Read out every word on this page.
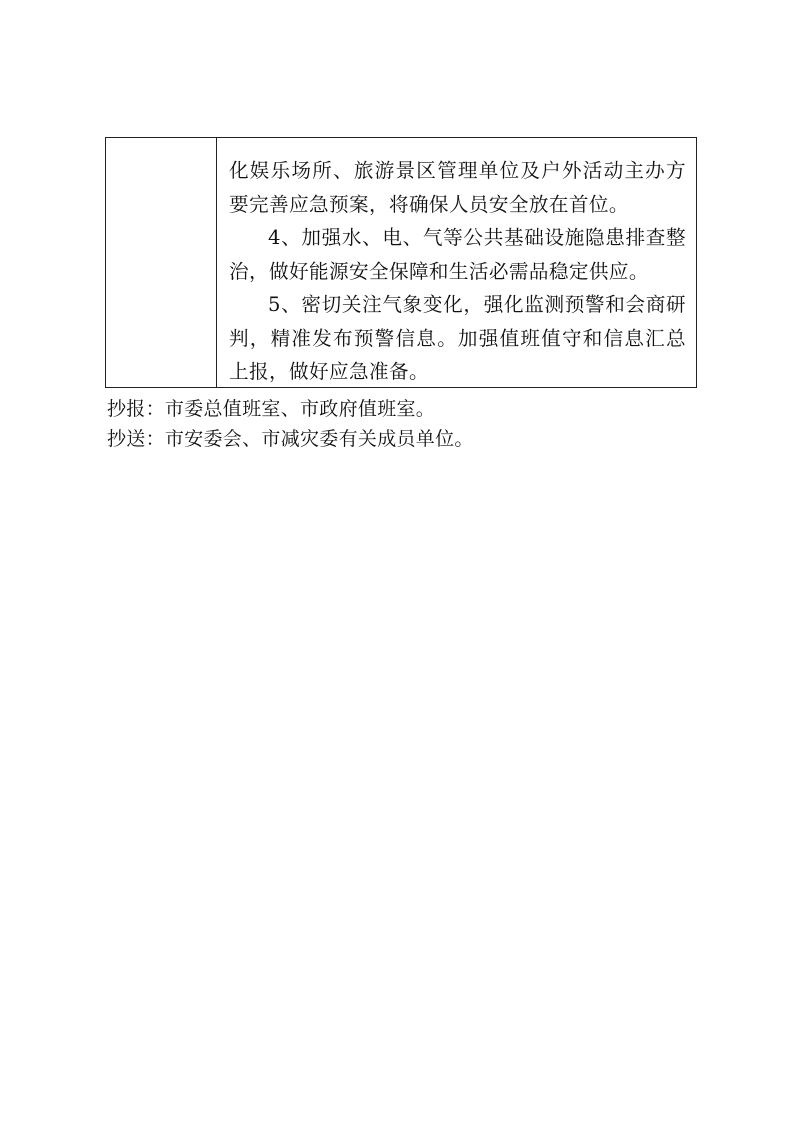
化娱乐场所、旅游景区管理单位及户外活动主办方要完善应急预案，将确保人员安全放在首位。

4、加强水、电、气等公共基础设施隐患排查整治，做好能源安全保障和生活必需品稳定供应。

5、密切关注气象变化，强化监测预警和会商研判，精准发布预警信息。加强值班值守和信息汇总上报，做好应急准备。

抄报：市委总值班室、市政府值班室。

抄送：市安委会、市减灾委有关成员单位。
